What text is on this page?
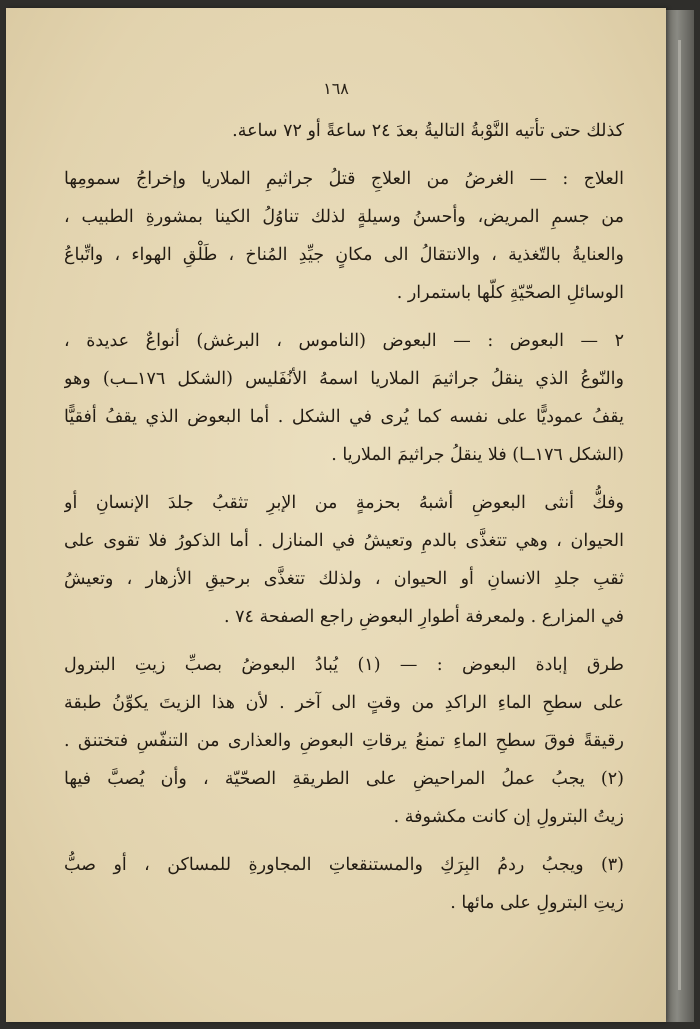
١٦٨
كذلك حتى تأتيه النَّوْبةُ التاليةُ بعدَ ٢٤ ساعةً أو ٧٢ ساعة.
العلاج : — الغرضُ من العلاجِ قتلُ جراثيمِ الملاريا وإخراجُ سمومِها
من جسمِ المريض، وأحسنُ وسيلةٍ لذلك تناوُلُ الكينا بمشورةِ الطبيب ،
والعنايةُ بالتّغذية ، والانتقالُ الى مكانٍ جيِّدِ المُناخ ، طَلْقِ الهواء ، واتِّباعُ
الوسائلِ الصحّيّةِ كلّها باستمرار .
٢ — البعوض : — البعوض (الناموس ، البرغش) أنواعٌ عديدة ،
والنّوعُ الذي ينقلُ جراثيمَ الملاريا اسمهُ الأنُفَليس (الشكل ١٧٦ــب) وهو
يقفُ عموديًّا على نفسه كما يُرى في الشكل . أما البعوض الذي يقفُ أفقيًّا
(الشكل ١٧٦ــا) فلا ينقلُ جراثيمَ الملاريا .
وفكُّ أنثى البعوضِ أشبهُ بحزمةٍ من الإبرِ تثقبُ جلدَ الإنسانِ أو
الحيوان ، وهي تتغذَّى بالدمِ وتعيشُ في المنازل . أما الذكورُ فلا تقوى على
ثقبِ جلدِ الانسانِ أو الحيوان ، ولذلك تتغذَّى برحيقِ الأزهار ، وتعيشُ
في المزارع . ولمعرفة أطوارِ البعوضِ راجع الصفحة ٧٤ .
طرق إبادة البعوض : — (١) يُبادُ البعوضُ بصبِّ زيتِ البترول
على سطحِ الماءِ الراكدِ من وقتٍ الى آخر . لأن هذا الزيتَ يكوِّنُ طبقة
رقيقةً فوقَ سطحِ الماءِ تمنعُ يرقاتِ البعوضِ والعذارى من التنفّسِ فتختنق .
(٢) يجبُ عملُ المراحيضِ على الطريقةِ الصحّيّة ، وأن يُصبَّ فيها
زيتُ البترولِ إن كانت مكشوفة .
(٣) ويجبُ ردمُ البِرَكِ والمستنقعاتِ المجاورةِ للمساكن ، أو صبُّ
زيتِ البترولِ على مائها .
